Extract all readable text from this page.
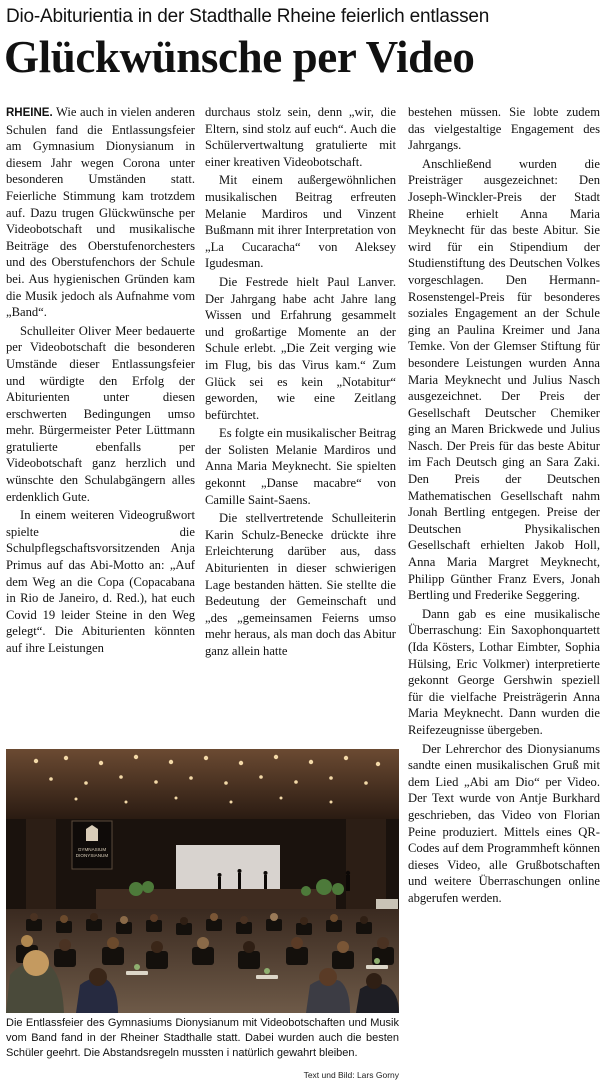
Dio-Abiturientia in der Stadthalle Rheine feierlich entlassen
Glückwünsche per Video

RHEINE. Wie auch in vielen anderen Schulen fand die Entlassungsfeier am Gymnasium Dionysianum in diesem Jahr wegen Corona unter besonderen Umständen statt. Feierliche Stimmung kam trotzdem auf. Dazu trugen Glückwünsche per Videobotschaft und musikalische Beiträge des Oberstufenorchesters und des Oberstufenchors der Schule bei. Aus hygienischen Gründen kam die Musik jedoch als Aufnahme vom „Band“.

Schulleiter Oliver Meer bedauerte per Videobotschaft die besonderen Umstände dieser Entlassungsfeier und würdigte den Erfolg der Abiturienten unter diesen erschwerten Bedingungen umso mehr. Bürgermeister Peter Lüttmann gratulierte ebenfalls per Videobotschaft ganz herzlich und wünschte den Schulabgängern alles erdenklich Gute.

In einem weiteren Videogrußwort spielte die Schulpflegschaftsvorsitzenden Anja Primus auf das Abi-Motto an: „Auf dem Weg an die Copa (Copacabana in Rio de Janeiro, d. Red.), hat euch Covid 19 leider Steine in den Weg gelegt“. Die Abiturienten könnten auf ihre Leistungen

durchaus stolz sein, denn „wir, die Eltern, sind stolz auf euch“. Auch die Schülervertwaltung gratulierte mit einer kreativen Videobotschaft.

Mit einem außergewöhnlichen musikalischen Beitrag erfreuten Melanie Mardiros und Vinzent Bußmann mit ihrer Interpretation von „La Cucaracha“ von Aleksey Igudesman.

Die Festrede hielt Paul Lanver. Der Jahrgang habe acht Jahre lang Wissen und Erfahrung gesammelt und großartige Momente an der Schule erlebt. „Die Zeit verging wie im Flug, bis das Virus kam.“ Zum Glück sei es kein „Notabitur“ geworden, wie eine Zeitlang befürchtet.

Es folgte ein musikalischer Beitrag der Solisten Melanie Mardiros und Anna Maria Meyknecht. Sie spielten gekonnt „Danse macabre“ von Camille Saint-Saens.

Die stellvertretende Schulleiterin Karin Schulz-Benecke drückte ihre Erleichterung darüber aus, dass Abiturienten in dieser schwierigen Lage bestanden hätten. Sie stellte die Bedeutung der Gemeinschaft und „des „gemeinsamen Feierns umso mehr heraus, als man doch das Abitur ganz allein hatte

bestehen müssen. Sie lobte zudem das vielgestaltige Engagement des Jahrgangs.

Anschließend wurden die Preisträger ausgezeichnet: Den Joseph-Winckler-Preis der Stadt Rheine erhielt Anna Maria Meyknecht für das beste Abitur. Sie wird für ein Stipendium der Studienstiftung des Deutschen Volkes vorgeschlagen. Den Hermann-Rosenstengel-Preis für besonderes soziales Engagement an der Schule ging an Paulina Kreimer und Jana Temke. Von der Glemser Stiftung für besondere Leistungen wurden Anna Maria Meyknecht und Julius Nasch ausgezeichnet. Der Preis der Gesellschaft Deutscher Chemiker ging an Maren Brickwede und Julius Nasch. Der Preis für das beste Abitur im Fach Deutsch ging an Sara Zaki. Den Preis der Deutschen Mathematischen Gesellschaft nahm Jonah Bertling entgegen. Preise der Deutschen Physikalischen Gesellschaft erhielten Jakob Holl, Anna Maria Margret Meyknecht, Philipp Günther Franz Evers, Jonah Bertling und Frederike Seggering.

Dann gab es eine musikalische Überraschung: Ein Saxophonquartett (Ida Kösters, Lothar Eimbter, Sophia Hülsing, Eric Volkmer) interpretierte gekonnt George Gershwin speziell für die vielfache Preisträgerin Anna Maria Meyknecht. Dann wurden die Reifezeugnisse übergeben.

Der Lehrerchor des Dionysianums sandte einen musikalischen Gruß mit dem Lied „Abi am Dio“ per Video. Der Text wurde von Antje Burkhard geschrieben, das Video von Florian Peine produziert. Mittels eines QR-Codes auf dem Programmheft können dieses Video, alle Grußbotschaften und weitere Überraschungen online abgerufen werden.

GYMNASIUM
DIONYSIANUM
Die Entlassfeier des Gymnasiums Dionysianum mit Videobotschaften und Musik vom Band fand in der Rheiner Stadthalle statt. Dabei wurden auch die besten Schüler geehrt. Die Abstandsregeln mussten i natürlich gewahrt bleiben.
Text und Bild: Lars Gorny
